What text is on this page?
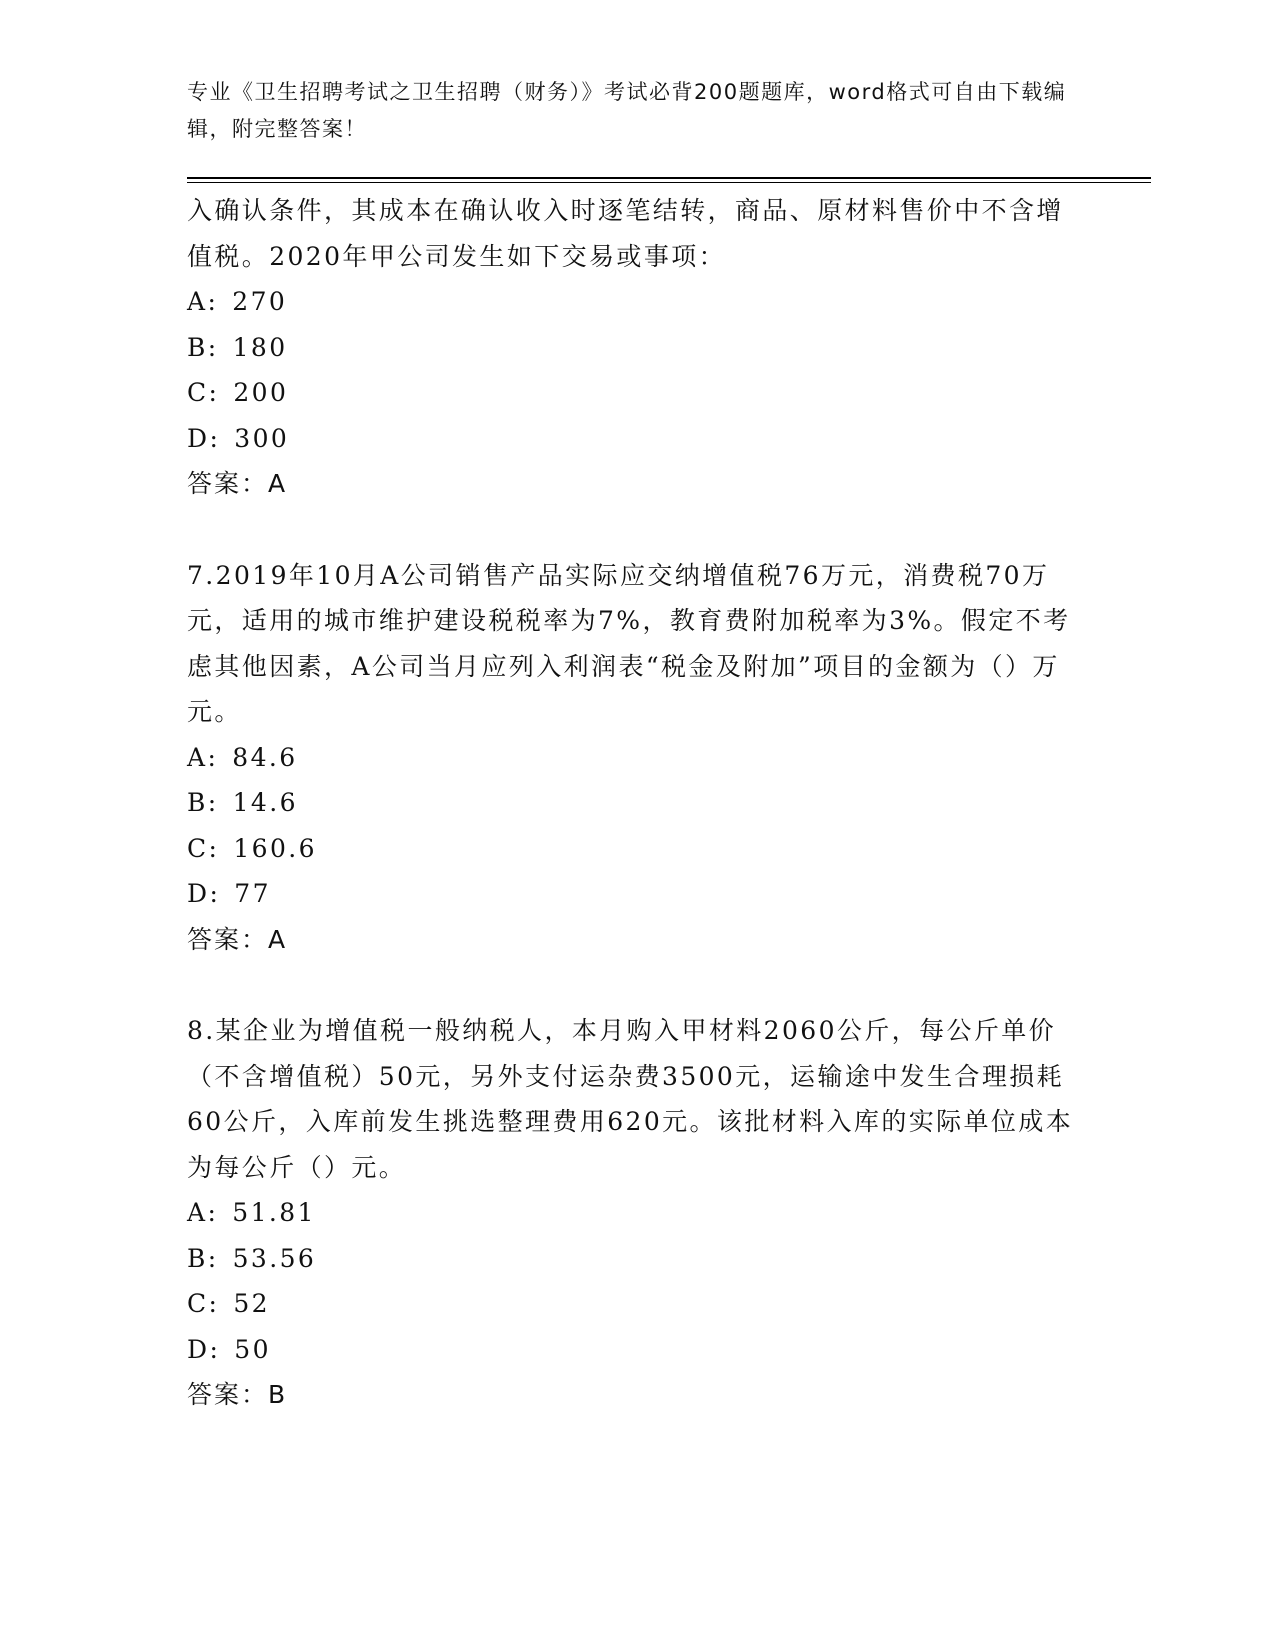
专业《卫生招聘考试之卫生招聘（财务）》考试必背200题题库，word格式可自由下载编辑，附完整答案！

入确认条件，其成本在确认收入时逐笔结转，商品、原材料售价中不含增值税。2020年甲公司发生如下交易或事项：

A: 270

B: 180

C: 200

D: 300

答案：A

7.2019年10月A公司销售产品实际应交纳增值税76万元，消费税70万元，适用的城市维护建设税税率为7%，教育费附加税率为3%。假定不考虑其他因素，A公司当月应列入利润表“税金及附加”项目的金额为（）万元。

A: 84.6

B: 14.6

C: 160.6

D: 77

答案：A

8.某企业为增值税一般纳税人，本月购入甲材料2060公斤，每公斤单价（不含增值税）50元，另外支付运杂费3500元，运输途中发生合理损耗60公斤，入库前发生挑选整理费用620元。该批材料入库的实际单位成本为每公斤（）元。

A: 51.81

B: 53.56

C: 52

D: 50

答案：B
